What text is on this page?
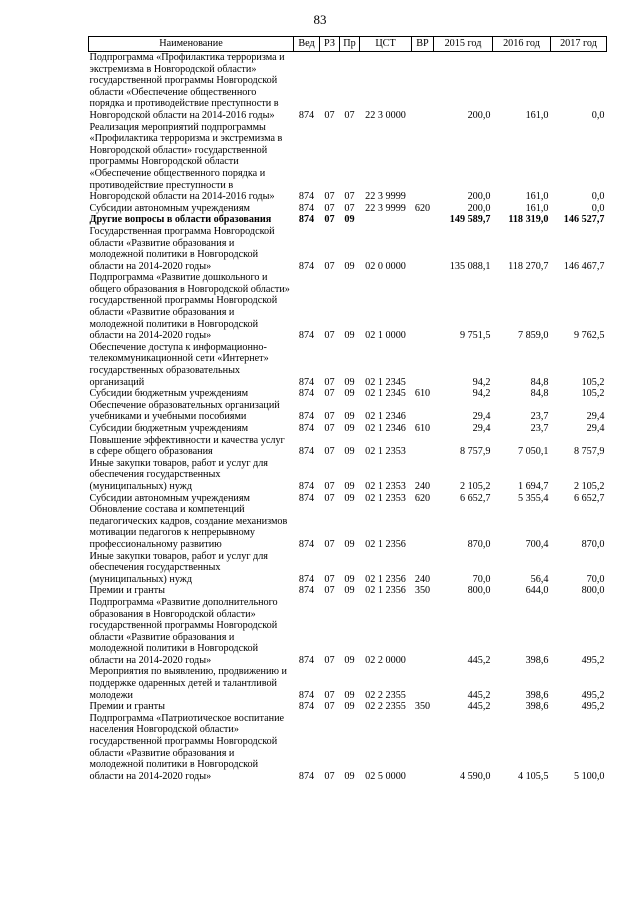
83
Наименование	Вед	РЗ	Пр	ЦСТ	ВР	2015 год	2016 год	2017 год
Подпрограмма «Профилактика терроризма и экстремизма в Новгородской области» государственной программы Новгородской области «Обеспечение общественного порядка и противодействие преступности в Новгородской области на 2014-2016 годы»	874	07	07	22 3 0000		200,0	161,0	0,0
Реализация мероприятий подпрограммы «Профилактика терроризма и экстремизма в Новгородской области» государственной программы Новгородской области «Обеспечение общественного порядка и противодействие преступности в Новгородской области на 2014-2016 годы»	874	07	07	22 3 9999		200,0	161,0	0,0
Субсидии автономным учреждениям	874	07	07	22 3 9999	620	200,0	161,0	0,0
Другие вопросы в области образования	874	07	09			149 589,7	118 319,0	146 527,7
Государственная программа Новгородской области «Развитие образования и молодежной политики в Новгородской области на 2014-2020 годы»	874	07	09	02 0 0000		135 088,1	118 270,7	146 467,7
Подпрограмма «Развитие дошкольного и общего образования в Новгородской области» государственной программы Новгородской области «Развитие образования и молодежной политики в Новгородской области на 2014-2020 годы»	874	07	09	02 1 0000		9 751,5	7 859,0	9 762,5
Обеспечение доступа к информационно-телекоммуникационной сети «Интернет» государственных образовательных организаций	874	07	09	02 1 2345		94,2	84,8	105,2
Субсидии бюджетным учреждениям	874	07	09	02 1 2345	610	94,2	84,8	105,2
Обеспечение образовательных организаций учебниками и учебными пособиями	874	07	09	02 1 2346		29,4	23,7	29,4
Субсидии бюджетным учреждениям	874	07	09	02 1 2346	610	29,4	23,7	29,4
Повышение эффективности и качества услуг в сфере общего образования	874	07	09	02 1 2353		8 757,9	7 050,1	8 757,9
Иные закупки товаров, работ и услуг для обеспечения государственных (муниципальных) нужд	874	07	09	02 1 2353	240	2 105,2	1 694,7	2 105,2
Субсидии автономным учреждениям	874	07	09	02 1 2353	620	6 652,7	5 355,4	6 652,7
Обновление состава и компетенций педагогических кадров, создание механизмов мотивации педагогов к непрерывному профессиональному развитию	874	07	09	02 1 2356		870,0	700,4	870,0
Иные закупки товаров, работ и услуг для обеспечения государственных (муниципальных) нужд	874	07	09	02 1 2356	240	70,0	56,4	70,0
Премии и гранты	874	07	09	02 1 2356	350	800,0	644,0	800,0
Подпрограмма «Развитие дополнительного образования в Новгородской области» государственной программы Новгородской области «Развитие образования и молодежной политики в Новгородской области на 2014-2020 годы»	874	07	09	02 2 0000		445,2	398,6	495,2
Мероприятия по выявлению, продвижению и поддержке одаренных детей и талантливой молодежи	874	07	09	02 2 2355		445,2	398,6	495,2
Премии и гранты	874	07	09	02 2 2355	350	445,2	398,6	495,2
Подпрограмма «Патриотическое воспитание населения Новгородской области» государственной программы Новгородской области «Развитие образования и молодежной политики в Новгородской области на 2014-2020 годы»	874	07	09	02 5 0000		4 590,0	4 105,5	5 100,0
